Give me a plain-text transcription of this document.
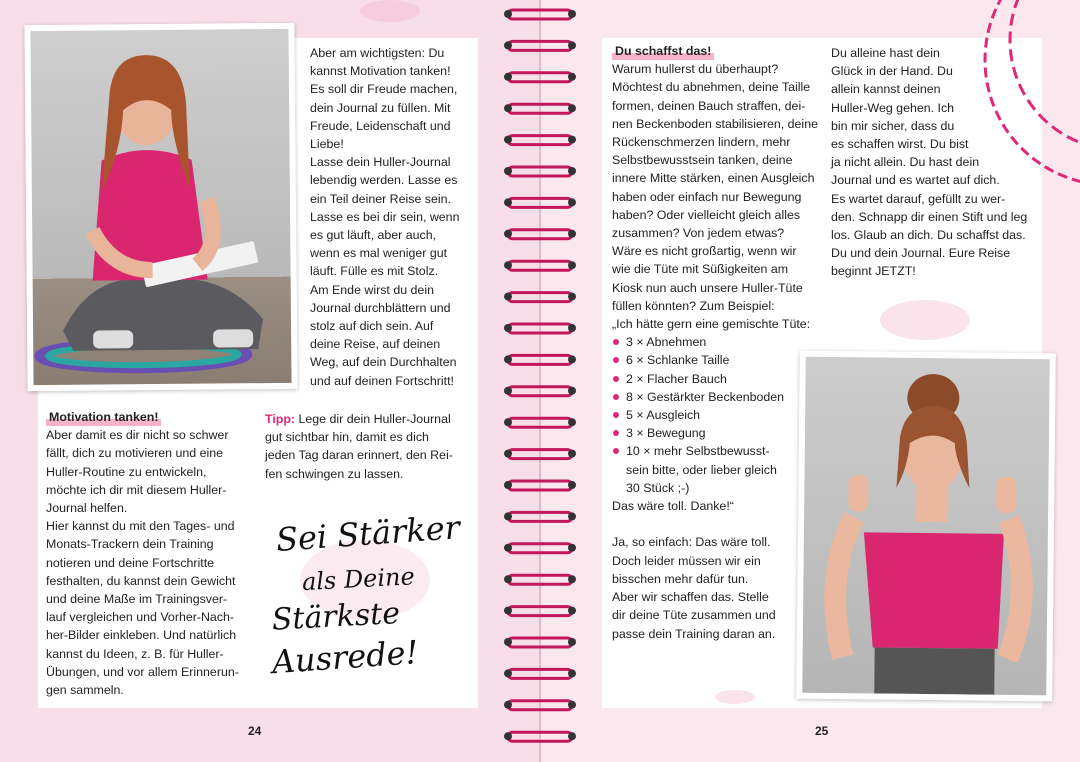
Aber am wichtigsten: Du

kannst Motivation tanken!

Es soll dir Freude machen,

dein Journal zu füllen. Mit

Freude, Leidenschaft und

Liebe!

Lasse dein Huller-Journal

lebendig werden. Lasse es

ein Teil deiner Reise sein.

Lasse es bei dir sein, wenn

es gut läuft, aber auch,

wenn es mal weniger gut

läuft. Fülle es mit Stolz.

Am Ende wirst du dein

Journal durchblättern und

stolz auf dich sein. Auf

deine Reise, auf deinen

Weg, auf dein Durchhalten

und auf deinen Fortschritt!

Motivation tanken!

Aber damit es dir nicht so schwer

fällt, dich zu motivieren und eine

Huller-Routine zu entwickeln,

möchte ich dir mit diesem Huller-

Journal helfen.

Hier kannst du mit den Tages- und

Monats-Trackern dein Training

notieren und deine Fortschritte

festhalten, du kannst dein Gewicht

und deine Maße im Trainingsver-

lauf vergleichen und Vorher-Nach-

her-Bilder einkleben. Und natürlich

kannst du Ideen, z. B. für Huller-

Übungen, und vor allem Erinnerun-

gen sammeln.

Tipp: Lege dir dein Huller-Journal

gut sichtbar hin, damit es dich

jeden Tag daran erinnert, den Rei-

fen schwingen zu lassen.

Sei Stärker
als Deine
Stärkste
Ausrede!
24

Du schaffst das!

Warum hullerst du überhaupt?

Möchtest du abnehmen, deine Taille

formen, deinen Bauch straffen, dei-

nen Beckenboden stabilisieren, deine

Rückenschmerzen lindern, mehr

Selbstbewusstsein tanken, deine

innere Mitte stärken, einen Ausgleich

haben oder einfach nur Bewegung

haben? Oder vielleicht gleich alles

zusammen? Von jedem etwas?

Wäre es nicht großartig, wenn wir

wie die Tüte mit Süßigkeiten am

Kiosk nun auch unsere Huller-Tüte

füllen könnten? Zum Beispiel:

„Ich hätte gern eine gemischte Tüte:

3 × Abnehmen
6 × Schlanke Taille
2 × Flacher Bauch
8 × Gestärkter Beckenboden
5 × Ausgleich
3 × Bewegung
10 × mehr Selbstbewusst-
sein bitte, oder lieber gleich
30 Stück ;-)

Das wäre toll. Danke!“

Ja, so einfach: Das wäre toll.

Doch leider müssen wir ein

bisschen mehr dafür tun.

Aber wir schaffen das. Stelle

dir deine Tüte zusammen und

passe dein Training daran an.

Du alleine hast dein

Glück in der Hand. Du

allein kannst deinen

Huller-Weg gehen. Ich

bin mir sicher, dass du

es schaffen wirst. Du bist

ja nicht allein. Du hast dein

Journal und es wartet auf dich.

Es wartet darauf, gefüllt zu wer-

den. Schnapp dir einen Stift und leg

los. Glaub an dich. Du schaffst das.

Du und dein Journal. Eure Reise

beginnt JETZT!

25
